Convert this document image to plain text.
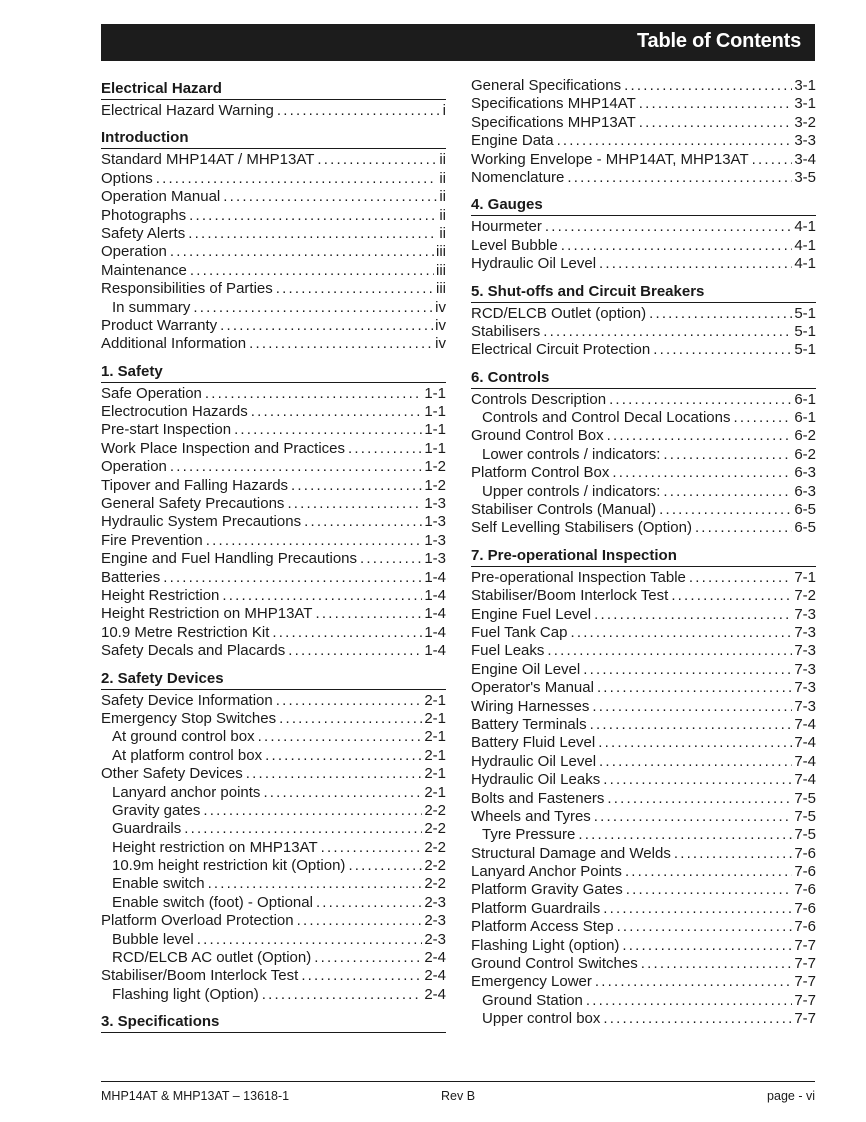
Table of Contents
Electrical Hazard
Electrical Hazard Warning .....	i
Introduction
Standard MHP14AT / MHP13AT .....	ii
Options .....	ii
Operation Manual .....	ii
Photographs .....	ii
Safety Alerts .....	ii
Operation .....	iii
Maintenance .....	iii
Responsibilities of Parties .....	iii
In summary .....	iv
Product Warranty .....	iv
Additional Information .....	iv
1. Safety
Safe Operation .....	1-1
Electrocution Hazards .....	1-1
Pre-start Inspection .....	1-1
Work Place Inspection and Practices .....	1-1
Operation .....	1-2
Tipover and Falling Hazards .....	1-2
General Safety Precautions .....	1-3
Hydraulic System Precautions .....	1-3
Fire Prevention .....	1-3
Engine and Fuel Handling Precautions .....	1-3
Batteries .....	1-4
Height Restriction .....	1-4
Height Restriction on MHP13AT .....	1-4
10.9 Metre Restriction Kit .....	1-4
Safety Decals and Placards .....	1-4
2. Safety Devices
Safety Device Information .....	2-1
Emergency Stop Switches .....	2-1
At ground control box .....	2-1
At platform control box .....	2-1
Other Safety Devices .....	2-1
Lanyard anchor points .....	2-1
Gravity gates .....	2-2
Guardrails .....	2-2
Height restriction on MHP13AT .....	2-2
10.9m height restriction kit (Option) .....	2-2
Enable switch .....	2-2
Enable switch (foot) - Optional .....	2-3
Platform Overload Protection .....	2-3
Bubble level .....	2-3
RCD/ELCB AC outlet (Option) .....	2-4
Stabiliser/Boom Interlock Test .....	2-4
Flashing light (Option) .....	2-4
3. Specifications
General Specifications .....	3-1
Specifications MHP14AT .....	3-1
Specifications MHP13AT .....	3-2
Engine Data .....	3-3
Working Envelope - MHP14AT, MHP13AT .....	3-4
Nomenclature .....	3-5
4. Gauges
Hourmeter .....	4-1
Level Bubble .....	4-1
Hydraulic Oil Level .....	4-1
5. Shut-offs and Circuit Breakers
RCD/ELCB Outlet (option) .....	5-1
Stabilisers .....	5-1
Electrical Circuit Protection .....	5-1
6. Controls
Controls Description .....	6-1
Controls and Control Decal Locations .....	6-1
Ground Control Box .....	6-2
Lower controls / indicators: .....	6-2
Platform Control Box .....	6-3
Upper controls / indicators: .....	6-3
Stabiliser Controls (Manual) .....	6-5
Self Levelling Stabilisers (Option) .....	6-5
7. Pre-operational Inspection
Pre-operational Inspection Table .....	7-1
Stabiliser/Boom Interlock Test .....	7-2
Engine Fuel Level .....	7-3
Fuel Tank Cap .....	7-3
Fuel Leaks .....	7-3
Engine Oil Level .....	7-3
Operator's Manual .....	7-3
Wiring Harnesses .....	7-3
Battery Terminals .....	7-4
Battery Fluid Level .....	7-4
Hydraulic Oil Level .....	7-4
Hydraulic Oil Leaks .....	7-4
Bolts and Fasteners .....	7-5
Wheels and Tyres .....	7-5
Tyre Pressure .....	7-5
Structural Damage and Welds .....	7-6
Lanyard Anchor Points .....	7-6
Platform Gravity Gates .....	7-6
Platform Guardrails .....	7-6
Platform Access Step .....	7-6
Flashing Light (option) .....	7-7
Ground Control Switches .....	7-7
Emergency Lower .....	7-7
Ground Station .....	7-7
Upper control box .....	7-7
MHP14AT & MHP13AT – 13618-1	Rev B	page - vi
